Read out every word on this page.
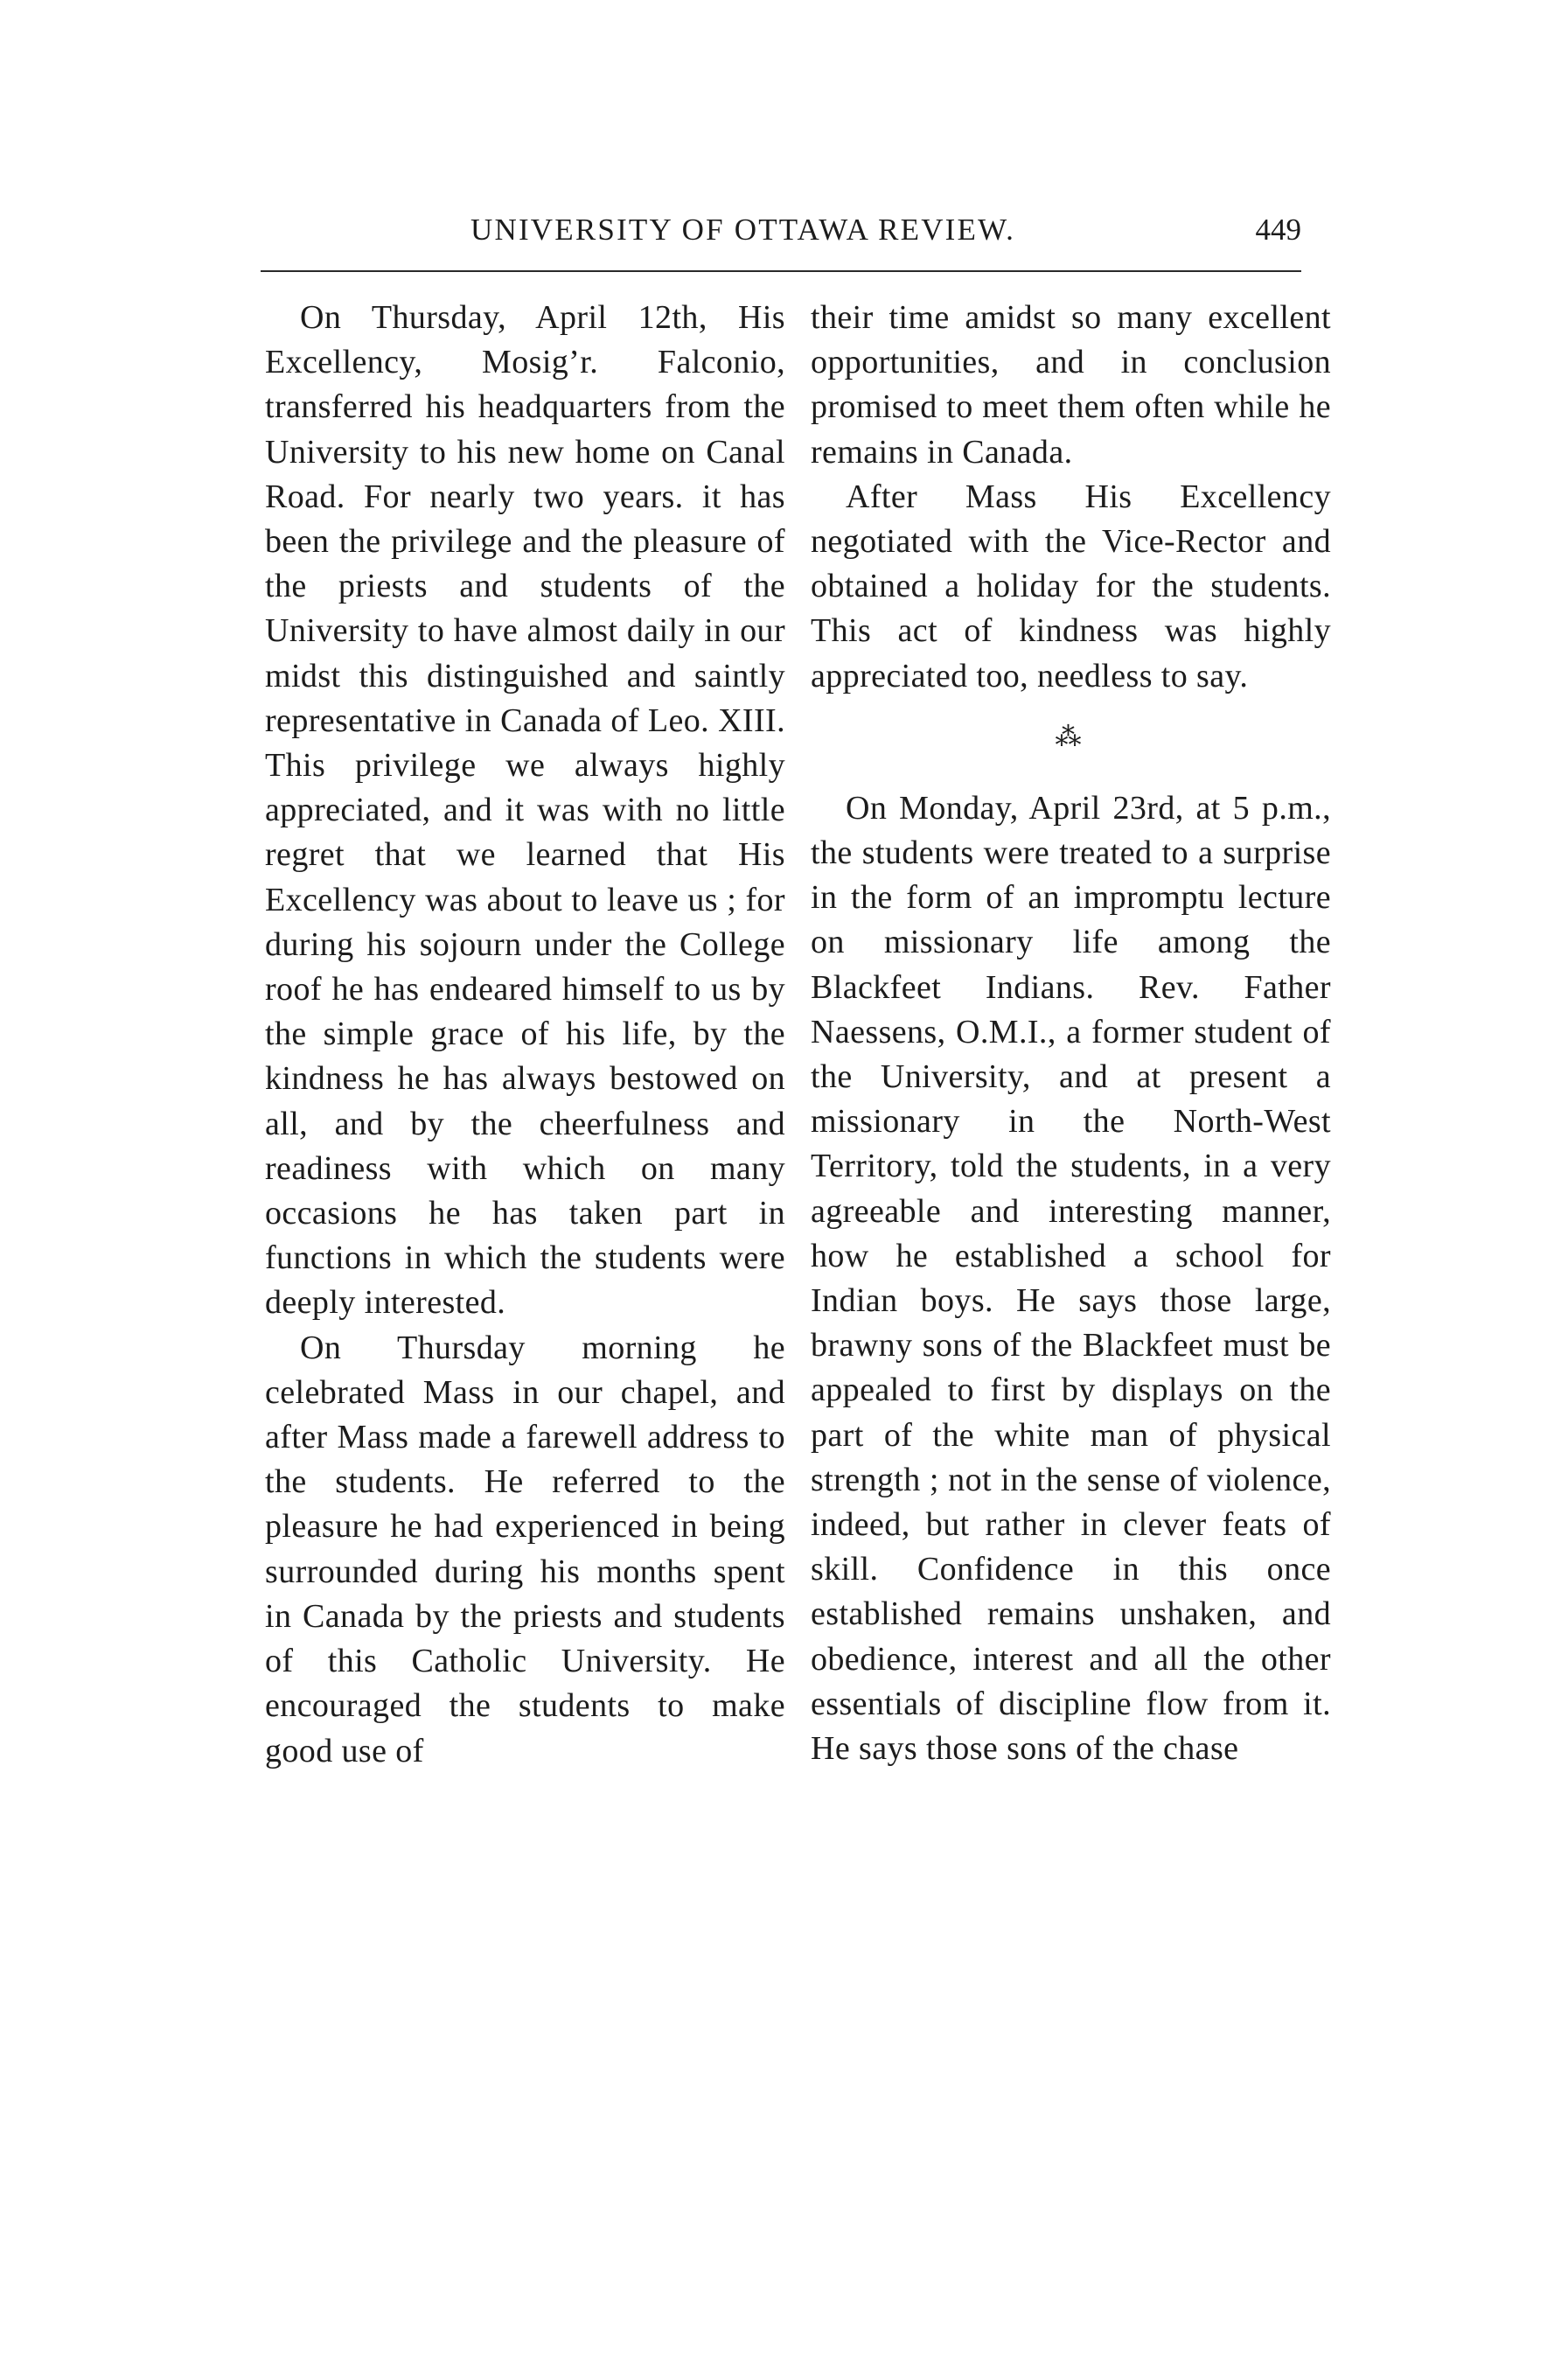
UNIVERSITY OF OTTAWA REVIEW.	449

On Thursday, April 12th, His Excellency, Mosig’r. Falconio, transferred his headquarters from the University to his new home on Canal Road. For nearly two years. it has been the privilege and the pleasure of the priests and students of the University to have almost daily in our midst this distinguished and saintly representative in Canada of Leo. XIII. This privilege we always highly appreciated, and it was with no little regret that we learned that His Excellency was about to leave us ; for during his sojourn under the College roof he has endeared himself to us by the simple grace of his life, by the kindness he has always bestowed on all, and by the cheerfulness and readiness with which on many occasions he has taken part in functions in which the students were deeply interested.

On Thursday morning he celebrated Mass in our chapel, and after Mass made a farewell address to the students. He referred to the pleasure he had experienced in being surrounded during his months spent in Canada by the priests and students of this Catholic University. He encouraged the students to make good use of

their time amidst so many excellent opportunities, and in conclusion promised to meet them often while he remains in Canada.

After Mass His Excellency negotiated with the Vice-Rector and obtained a holiday for the students. This act of kindness was highly appreciated too, needless to say.

⁂

On Monday, April 23rd, at 5 p.m., the students were treated to a surprise in the form of an impromptu lecture on missionary life among the Blackfeet Indians. Rev. Father Naessens, O.M.I., a former student of the University, and at present a missionary in the North-West Territory, told the students, in a very agreeable and interesting manner, how he established a school for Indian boys. He says those large, brawny sons of the Blackfeet must be appealed to first by displays on the part of the white man of physical strength ; not in the sense of violence, indeed, but rather in clever feats of skill. Confidence in this once established remains unshaken, and obedience, interest and all the other essentials of discipline flow from it. He says those sons of the chase
